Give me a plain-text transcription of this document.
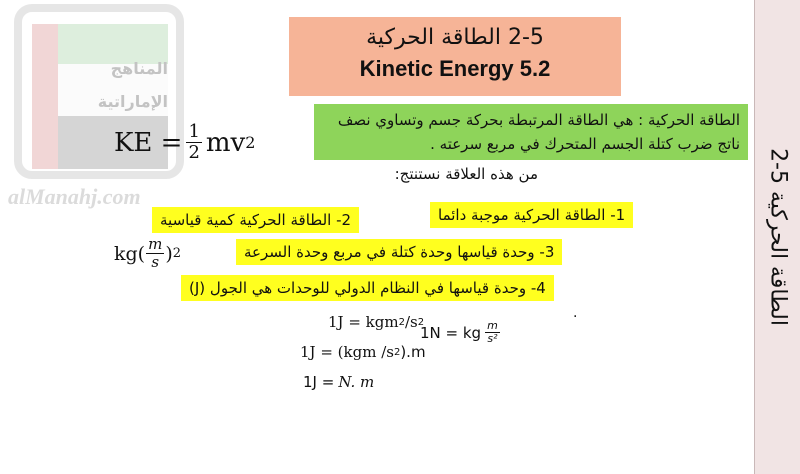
المناهج
الإماراتية
alManahj.com
2-5 الطاقة الحركية
Kinetic Energy 5.2
الطاقة الحركية : هي الطاقة المرتبطة بحركة جسم وتساوي نصف ناتج ضرب كتلة الجسم المتحرك في مربع سرعته .
KE = $\frac{1}{2}$ mv 2
من هذه العلاقة نستنتج:
1- الطاقة الحركية موجبة دائما
2- الطاقة الحركية كمية قياسية
3- وحدة قياسها وحدة كتلة في مربع وحدة السرعة
4- وحدة قياسها في النظام الدولي للوحدات هي الجول (J)
$kg( \frac{m}{s}$ ) 2
1J = kgm 2 /s 2
1N = kg $\frac{m}{\text{s²}}$
1J = (kgm /s 2 ).m
1J = N. m
.
2-5 الطاقة الحركية
